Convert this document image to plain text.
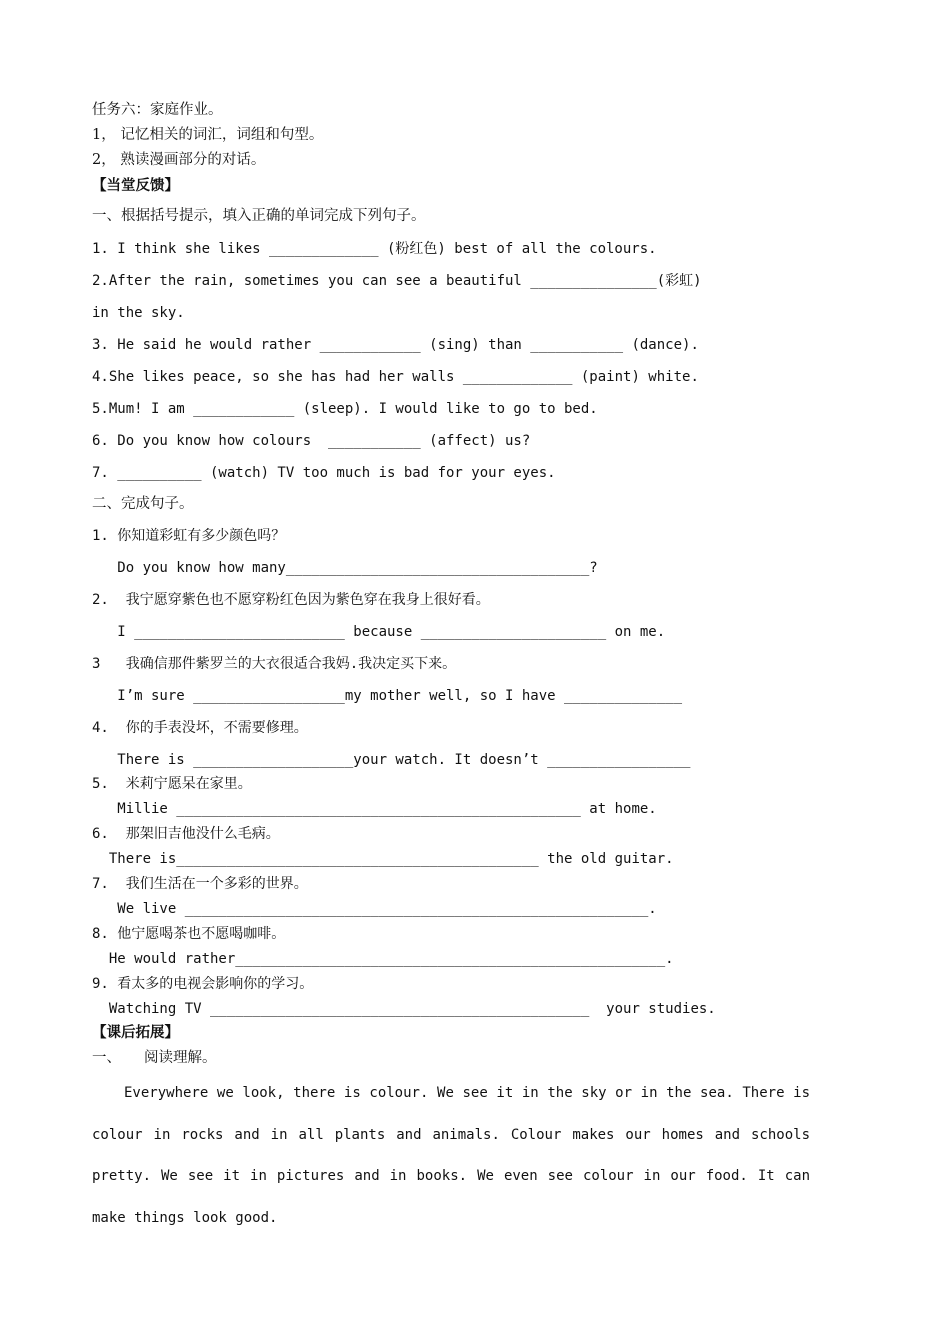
任务六：家庭作业。
1， 记忆相关的词汇，词组和句型。
2， 熟读漫画部分的对话。
【当堂反馈】
一、根据括号提示，填入正确的单词完成下列句子。
1. I think she likes _____________ (粉红色) best of all the colours.
2.After the rain, sometimes you can see a beautiful _______________(彩虹)
in the sky.
3. He said he would rather ____________ (sing) than ___________ (dance).
4.She likes peace, so she has had her walls _____________ (paint) white.
5.Mum! I am ____________ (sleep). I would like to go to bed.
6. Do you know how colours  ___________ (affect) us?
7. __________ (watch) TV too much is bad for your eyes.
二、完成句子。
1. 你知道彩虹有多少颜色吗？
Do you know how many____________________________________?
2.  我宁愿穿紫色也不愿穿粉红色因为紫色穿在我身上很好看。
I _________________________ because ______________________ on me.
3   我确信那件紫罗兰的大衣很适合我妈.我决定买下来。
I’m sure __________________my mother well, so I have ______________
4.  你的手表没坏，不需要修理。
There is ___________________your watch. It doesn’t _________________
5.  米莉宁愿呆在家里。
Millie ________________________________________________ at home.
6.  那架旧吉他没什么毛病。
There is___________________________________________ the old guitar.
7.  我们生活在一个多彩的世界。
We live _______________________________________________________.
8. 他宁愿喝茶也不愿喝咖啡。
He would rather___________________________________________________.
9. 看太多的电视会影响你的学习。
Watching TV _____________________________________________  your studies.
【课后拓展】
一、     阅读理解。
Everywhere we look, there is colour. We see it in the sky or in the sea. There is colour in rocks and in all plants and animals. Colour makes our homes and schools pretty. We see it in pictures and in books. We even see colour in our food. It can make things look good.
